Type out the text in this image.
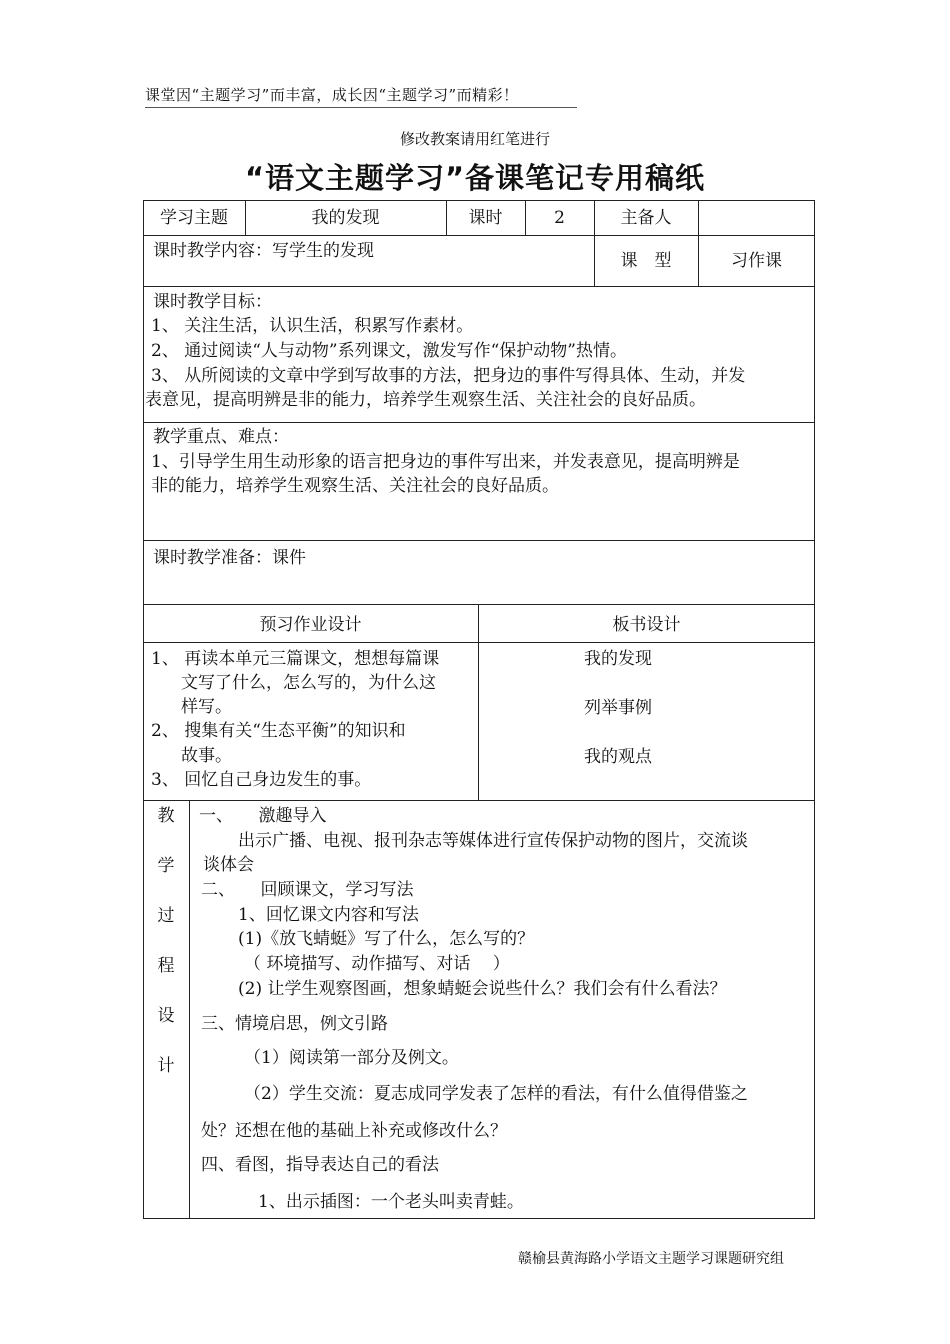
课堂因“主题学习”而丰富，成长因“主题学习”而精彩！
修改教案请用红笔进行
“语文主题学习”备课笔记专用稿纸
学习主题	我的发现	课时	2	主备人
课时教学内容：写学生的发现	课　型	习作课
课时教学目标：
1、 关注生活，认识生活，积累写作素材。
2、 通过阅读“人与动物”系列课文，激发写作“保护动物”热情。
3、 从所阅读的文章中学到写故事的方法，把身边的事件写得具体、生动，并发
表意见，提高明辨是非的能力，培养学生观察生活、关注社会的良好品质。
教学重点、难点：
1、引导学生用生动形象的语言把身边的事件写出来，并发表意见，提高明辨是
非的能力，培养学生观察生活、关注社会的良好品质。
课时教学准备：课件
预习作业设计	板书设计
1、 再读本单元三篇课文，想想每篇课
文写了什么，怎么写的，为什么这
样写。
2、 搜集有关“生态平衡”的知识和
故事。
3、 回忆自己身边发生的事。
我的发现
列举事例
我的观点
教
学
过
程
设
计
一、　　激趣导入
出示广播、电视、报刊杂志等媒体进行宣传保护动物的图片，交流谈
谈体会
二、　　回顾课文，学习写法
1、回忆课文内容和写法
(1)《放飞蜻蜓》写了什么，怎么写的？
（ 环境描写、动作描写、对话　 ）
(2) 让学生观察图画，想象蜻蜓会说些什么？我们会有什么看法？
三、情境启思，例文引路
（1）阅读第一部分及例文。
（2）学生交流：夏志成同学发表了怎样的看法，有什么值得借鉴之
处？还想在他的基础上补充或修改什么？
四、看图，指导表达自己的看法
1、出示插图：一个老头叫卖青蛙。
赣榆县黄海路小学语文主题学习课题研究组
